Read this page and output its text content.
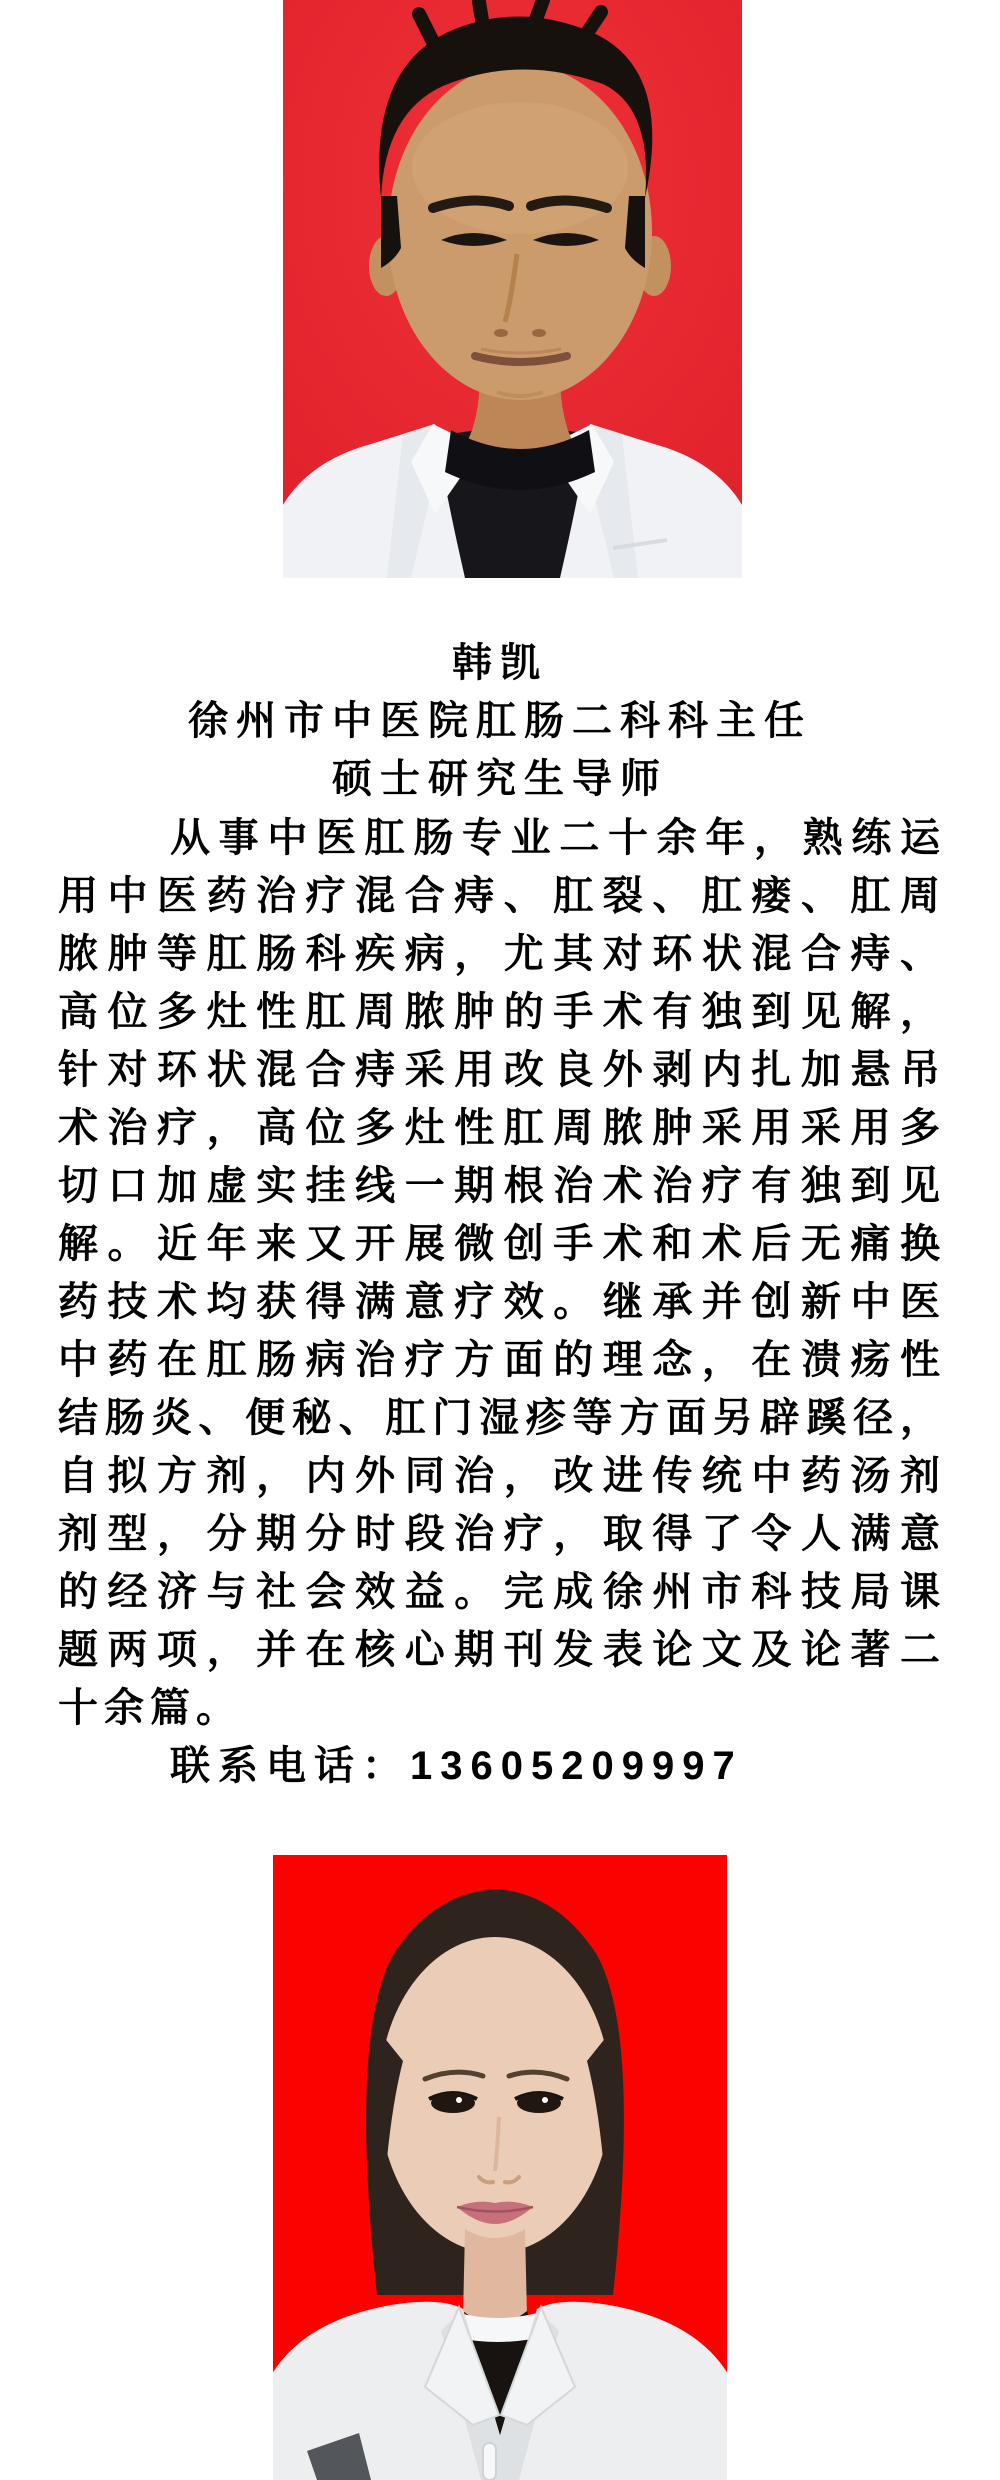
韩凯
徐州市中医院肛肠二科科主任
硕士研究生导师
从事中医肛肠专业二十余年，熟练运
用中医药治疗混合痔、肛裂、肛瘘、肛周
脓肿等肛肠科疾病，尤其对环状混合痔、
高位多灶性肛周脓肿的手术有独到见解，
针对环状混合痔采用改良外剥内扎加悬吊
术治疗，高位多灶性肛周脓肿采用采用多
切口加虚实挂线一期根治术治疗有独到见
解。近年来又开展微创手术和术后无痛换
药技术均获得满意疗效。继承并创新中医
中药在肛肠病治疗方面的理念，在溃疡性
结肠炎、便秘、肛门湿疹等方面另辟蹊径，
自拟方剂，内外同治，改进传统中药汤剂
剂型，分期分时段治疗，取得了令人满意
的经济与社会效益。完成徐州市科技局课
题两项，并在核心期刊发表论文及论著二
十余篇。
联系电话：13605209997
